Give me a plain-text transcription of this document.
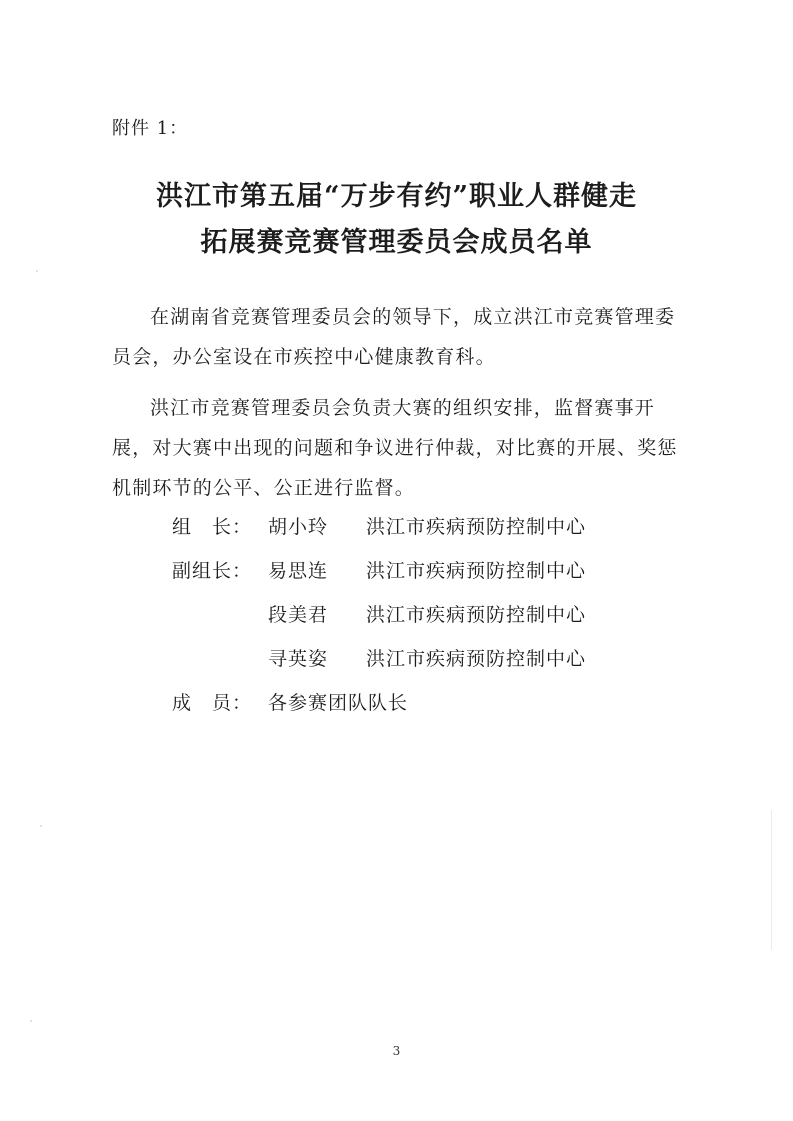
附件 1：
洪江市第五届“万步有约”职业人群健走
拓展赛竞赛管理委员会成员名单
在湖南省竞赛管理委员会的领导下，成立洪江市竞赛管理委员会，办公室设在市疾控中心健康教育科。
洪江市竞赛管理委员会负责大赛的组织安排，监督赛事开展，对大赛中出现的问题和争议进行仲裁，对比赛的开展、奖惩机制环节的公平、公正进行监督。
组　长： 胡小玲 洪江市疾病预防控制中心
副组长： 易思连 洪江市疾病预防控制中心
段美君 洪江市疾病预防控制中心
寻英姿 洪江市疾病预防控制中心
成　员： 各参赛团队队长
3
